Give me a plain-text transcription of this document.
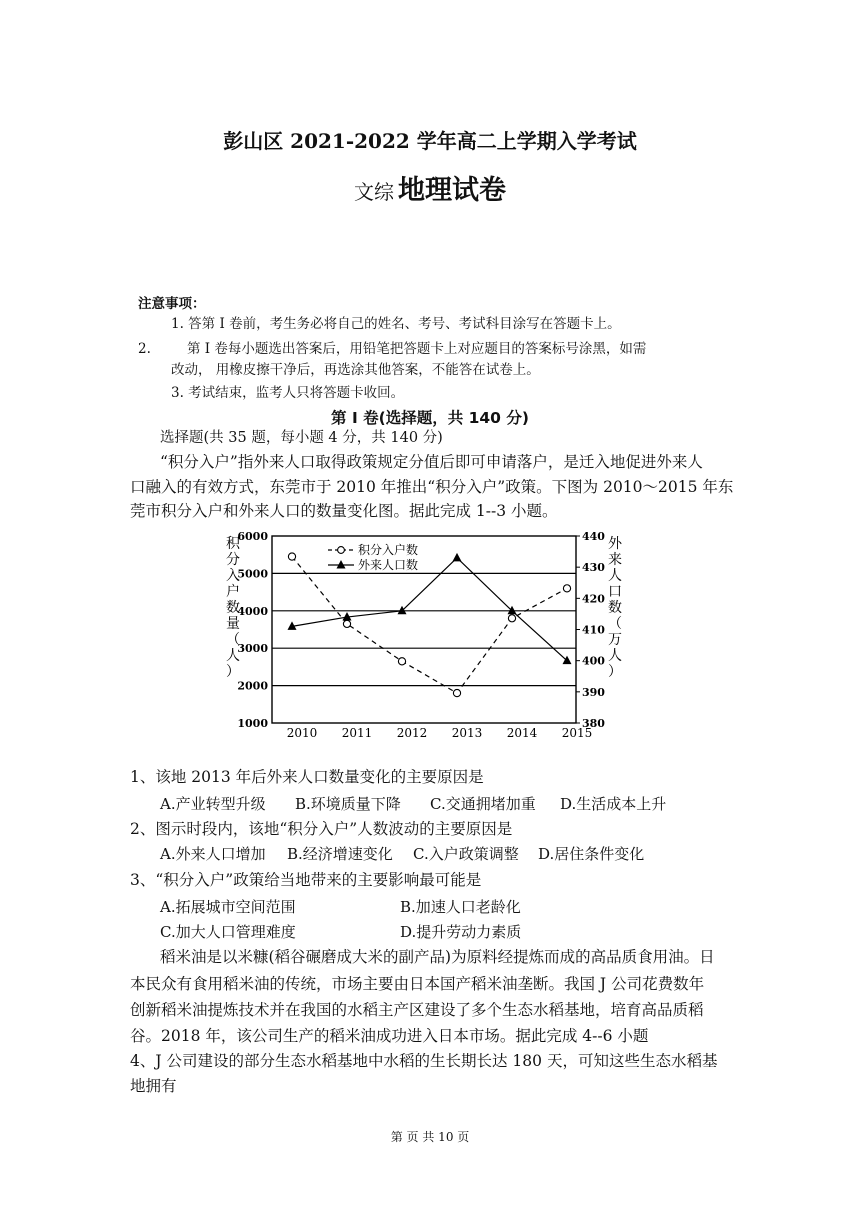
彭山区 2021-2022 学年高二上学期入学考试
文综 地理试卷
注意事项：
1. 答第 Ⅰ 卷前，考生务必将自己的姓名、考号、考试科目涂写在答题卡上。
2.	第 Ⅰ 卷每小题选出答案后，用铅笔把答题卡上对应题目的答案标号涂黑，如需
改动， 用橡皮擦干净后，再选涂其他答案，不能答在试卷上。
3. 考试结束，监考人只将答题卡收回。
第 Ⅰ 卷(选择题，共 140 分)
选择题(共 35 题，每小题 4 分，共 140 分)
“积分入户”指外来人口取得政策规定分值后即可申请落户，是迁入地促进外来人
口融入的有效方式，东莞市于 2010 年推出“积分入户”政策。下图为 2010～2015 年东
莞市积分入户和外来人口的数量变化图。据此完成 1--3 小题。
1000
2000
3000
4000
5000
6000
380
390
400
410
420
430
440
2010 2011 2012 2013 2014 2015
积分入户数量（人）
外来人口数（万人）
积分入户数
外来人口数
1、该地 2013 年后外来人口数量变化的主要原因是
A.产业转型升级 B.环境质量下降 C.交通拥堵加重 D.生活成本上升
2、图示时段内，该地“积分入户”人数波动的主要原因是
A.外来人口增加 B.经济增速变化 C.入户政策调整 D.居住条件变化
3、“积分入户”政策给当地带来的主要影响最可能是
A.拓展城市空间范围	B.加速人口老龄化
C.加大人口管理难度	D.提升劳动力素质
稻米油是以米糠(稻谷碾磨成大米的副产品)为原料经提炼而成的高品质食用油。日
本民众有食用稻米油的传统，市场主要由日本国产稻米油垄断。我国 J 公司花费数年
创新稻米油提炼技术并在我国的水稻主产区建设了多个生态水稻基地，培育高品质稻
谷。2018 年，该公司生产的稻米油成功进入日本市场。据此完成 4--6 小题
4、J 公司建设的部分生态水稻基地中水稻的生长期长达 180 天，可知这些生态水稻基
地拥有
第 页 共 10 页
